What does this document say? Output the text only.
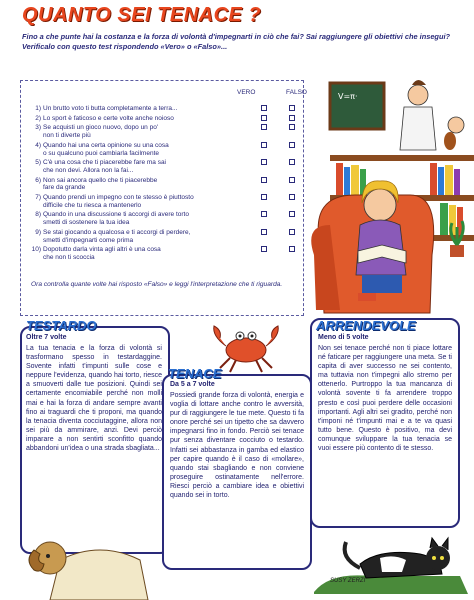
QUANTO SEI TENACE ?
Fino a che punte hai la costanza e la forza di volontà d'impegnarti in ciò che fai? Sai raggiungere gli obiettivi che insegui? Verificalo con questo test rispondendo «Vero» o «Falso»...
VERO	FALSO
1) Un brutto voto ti butta completamente a terra...
2) Lo sport è faticoso e certe volte anche noioso
3) Se acquisti un gioco nuovo, dopo un po'
non ti diverte più
4) Quando hai una certa opinione su una cosa
o su qualcuno puoi cambiarla facilmente
5) C'è una cosa che ti piacerebbe fare ma sai
che non devi. Allora non la fai...
6) Non sai ancora quello che ti piacerebbe
fare da grande
7) Quando prendi un impegno con te stesso è piuttosto
difficile che tu riesca a mantenerlo
8) Quando in una discussione ti accorgi di avere torto
smetti di sostenere la tua idea
9) Se stai giocando a qualcosa e ti accorgi di perdere,
smetti d'impegnarti come prima
10) Dopotutto darla vinta agli altri è una cosa
che non ti scoccia
Ora controlla quante volte hai risposto «Falso» e leggi l'interpretazione che ti riguarda.
V=π·
TESTARDO
Oltre 7 volte
La tua tenacia e la forza di volontà si trasformano spesso in testardaggine. Sovente infatti t'impunti sulle cose e neppure l'evidenza, quando hai torto, riesce a smuoverti dalle tue posizioni. Quindi sei certamente encomiabile perché non molli mai e hai la forza di andare sempre avanti fino ai traguardi che ti proponi, ma quando la tenacia diventa cocciutaggine, allora non sei più da ammirare, anzi. Devi perciò imparare a non sentirti sconfitto quando abbandoni un'idea o una strada sbagliata...
ARRENDEVOLE
Meno di 5 volte
Non sei tenace perché non ti piace lottare né faticare per raggiungere una meta. Se ti capita di aver successo ne sei contento, ma tuttavia non t'impegni allo stremo per ottenerlo. Purtroppo la tua mancanza di volontà sovente ti fa arrendere troppo presto e così puoi perdere delle occasioni importanti. Agli altri sei gradito, perché non t'imponi né t'impunti mai e a te va quasi tutto bene. Questo è positivo, ma devi comunque sviluppare la tua tenacia se vuoi essere più contento di te stesso.
TENACE
Da 5 a 7 volte
Possiedi grande forza di volontà, energia e voglia di lottare anche contro le avversità, pur di raggiungere le tue mete. Questo ti fa onore perché sei un tipetto che sa davvero impegnarsi fino in fondo. Perciò sei tenace pur senza diventare cocciuto o testardo. Infatti sei abbastanza in gamba ed elastico per capire quando è il caso di «mollare», quando stai sbagliando e non conviene proseguire ostinatamente nell'errore. Riesci perciò a cambiare idea e obiettivi quando sei in torto.
SUSY ZERZI
